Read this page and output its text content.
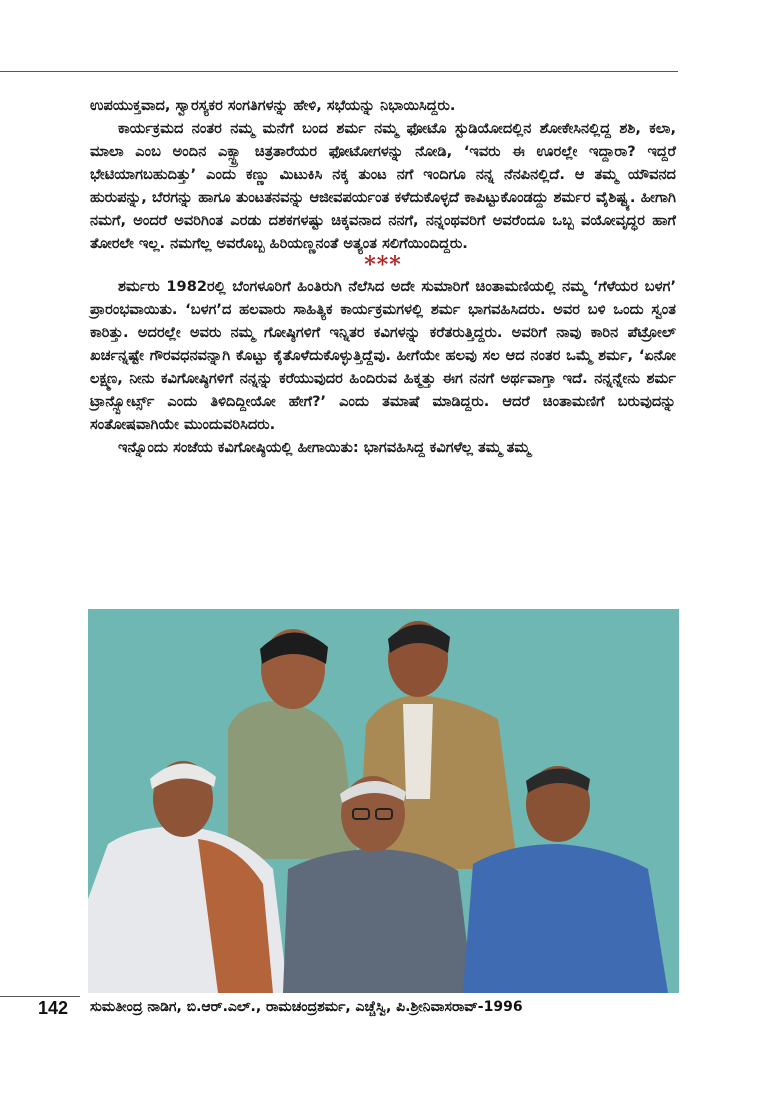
ಉಪಯುಕ್ತವಾದ, ಸ್ವಾರಸ್ಯಕರ ಸಂಗತಿಗಳನ್ನು ಹೇಳಿ, ಸಭೆಯನ್ನು ನಿಭಾಯಿಸಿದ್ದರು.

ಕಾರ್ಯಕ್ರಮದ ನಂತರ ನಮ್ಮ ಮನೆಗೆ ಬಂದ ಶರ್ಮ ನಮ್ಮ ಫೋಟೊ ಸ್ಟುಡಿಯೋದಲ್ಲಿನ ಶೋಕೇಸಿನಲ್ಲಿದ್ದ ಶಶಿ, ಕಲಾ, ಮಾಲಾ ಎಂಬ ಅಂದಿನ ಎಕ್ಸ್ಟ್ರಾ ಚಿತ್ರತಾರೆಯರ ಫೋಟೋಗಳನ್ನು ನೋಡಿ, ‘ಇವರು ಈ ಊರಲ್ಲೇ ಇದ್ದಾರಾ? ಇದ್ದರೆ ಭೇಟಿಯಾಗಬಹುದಿತ್ತು’ ಎಂದು ಕಣ್ಣು ಮಿಟುಕಿಸಿ ನಕ್ಕ ತುಂಟ ನಗೆ ಇಂದಿಗೂ ನನ್ನ ನೆನಪಿನಲ್ಲಿದೆ. ಆ ತಮ್ಮ ಯೌವನದ ಹುರುಪನ್ನು, ಬೆರಗನ್ನು ಹಾಗೂ ತುಂಟತನವನ್ನು ಆಜೀವಪರ್ಯಂತ ಕಳೆದುಕೊಳ್ಳದೆ ಕಾಪಿಟ್ಟುಕೊಂಡದ್ದು ಶರ್ಮರ ವೈಶಿಷ್ಟ್ಯ. ಹೀಗಾಗಿ ನಮಗೆ, ಅಂದರೆ ಅವರಿಗಿಂತ ಎರಡು ದಶಕಗಳಷ್ಟು ಚಿಕ್ಕವನಾದ ನನಗೆ, ನನ್ನಂಥವರಿಗೆ ಅವರೆಂದೂ ಒಬ್ಬ ವಯೋವೃದ್ಧರ ಹಾಗೆ ತೋರಲೇ ಇಲ್ಲ. ನಮಗೆಲ್ಲ ಅವರೊಬ್ಬ ಹಿರಿಯಣ್ಣನಂತೆ ಅತ್ಯಂತ ಸಲಿಗೆಯಿಂದಿದ್ದರು.

***

ಶರ್ಮರು 1982ರಲ್ಲಿ ಬೆಂಗಳೂರಿಗೆ ಹಿಂತಿರುಗಿ ನೆಲೆಸಿದ ಅದೇ ಸುಮಾರಿಗೆ ಚಿಂತಾಮಣಿಯಲ್ಲಿ ನಮ್ಮ ‘ಗೆಳೆಯರ ಬಳಗ’ ಪ್ರಾರಂಭವಾಯಿತು. ‘ಬಳಗ’ದ ಹಲವಾರು ಸಾಹಿತ್ಯಿಕ ಕಾರ್ಯಕ್ರಮಗಳಲ್ಲಿ ಶರ್ಮ ಭಾಗವಹಿಸಿದರು. ಅವರ ಬಳಿ ಒಂದು ಸ್ವಂತ ಕಾರಿತ್ತು. ಅದರಲ್ಲೇ ಅವರು ನಮ್ಮ ಗೋಷ್ಠಿಗಳಿಗೆ ಇನ್ನಿತರ ಕವಿಗಳನ್ನು ಕರೆತರುತ್ತಿದ್ದರು. ಅವರಿಗೆ ನಾವು ಕಾರಿನ ಪೆಟ್ರೋಲ್ ಖರ್ಚನ್ನಷ್ಟೇ ಗೌರವಧನವನ್ನಾಗಿ ಕೊಟ್ಟು ಕೈತೊಳೆದುಕೊಳ್ಳುತ್ತಿದ್ದೆವು. ಹೀಗೆಯೇ ಹಲವು ಸಲ ಆದ ನಂತರ ಒಮ್ಮೆ ಶರ್ಮ, ‘ಏನೋ ಲಕ್ಷ್ಮಣ, ನೀನು ಕವಿಗೋಷ್ಠಿಗಳಿಗೆ ನನ್ನನ್ನು ಕರೆಯುವುದರ ಹಿಂದಿರುವ ಹಿಕ್ಮತ್ತು ಈಗ ನನಗೆ ಅರ್ಥವಾಗ್ತಾ ಇದೆ. ನನ್ನನ್ನೇನು ಶರ್ಮ ಟ್ರಾನ್ಸ್ಪೋರ್ಟ್ಸ್ ಎಂದು ತಿಳಿದಿದ್ದೀಯೋ ಹೇಗೆ?’ ಎಂದು ತಮಾಷೆ ಮಾಡಿದ್ದರು. ಆದರೆ ಚಿಂತಾಮಣಿಗೆ ಬರುವುದನ್ನು ಸಂತೋಷವಾಗಿಯೇ ಮುಂದುವರಿಸಿದರು.

ಇನ್ನೊಂದು ಸಂಜೆಯ ಕವಿಗೋಷ್ಠಿಯಲ್ಲಿ ಹೀಗಾಯಿತು: ಭಾಗವಹಿಸಿದ್ದ ಕವಿಗಳೆಲ್ಲ ತಮ್ಮ ತಮ್ಮ

142 ಸುಮತೀಂದ್ರ ನಾಡಿಗ, ಬಿ.ಆರ್.ಎಲ್., ರಾಮಚಂದ್ರಶರ್ಮ, ಎಚ್ಚೆಸ್ವಿ, ಪಿ.ಶ್ರೀನಿವಾಸರಾವ್-1996
